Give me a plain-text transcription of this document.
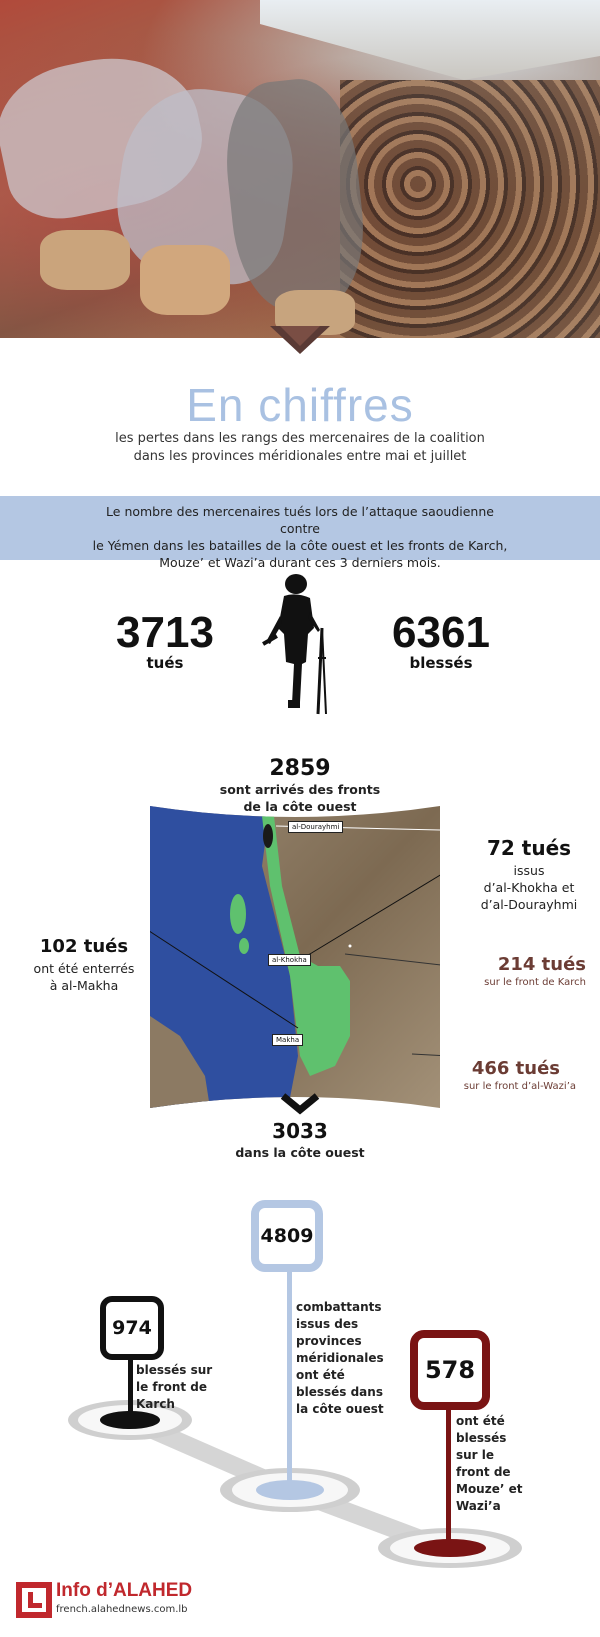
En chiffres
les pertes dans les rangs des mercenaires de la coalition
dans les provinces méridionales entre mai et juillet
Le nombre des mercenaires tués lors de l’attaque saoudienne contre
le Yémen dans les batailles de la côte ouest et les fronts de Karch,
Mouze’ et Wazi’a durant ces 3 derniers mois.
3713
tués
6361
blessés
2859
sont arrivés des fronts
de la côte ouest
al-Dourayhmi
al-Khokha
Makha
72 tués
issus
d’al-Khokha et
d’al-Dourayhmi
102 tués
ont été enterrés
à al-Makha
214 tués
sur le front de Karch
466 tués
sur le front d’al-Wazi’a
3033
dans la côte ouest
974
blessés sur
le front de
Karch
4809
combattants
issus des
provinces
méridionales
ont été
blessés dans
la côte ouest
578
ont été
blessés
sur le
front de
Mouze’ et
Wazi’a
Info d’ALAHED
french.alahednews.com.lb
